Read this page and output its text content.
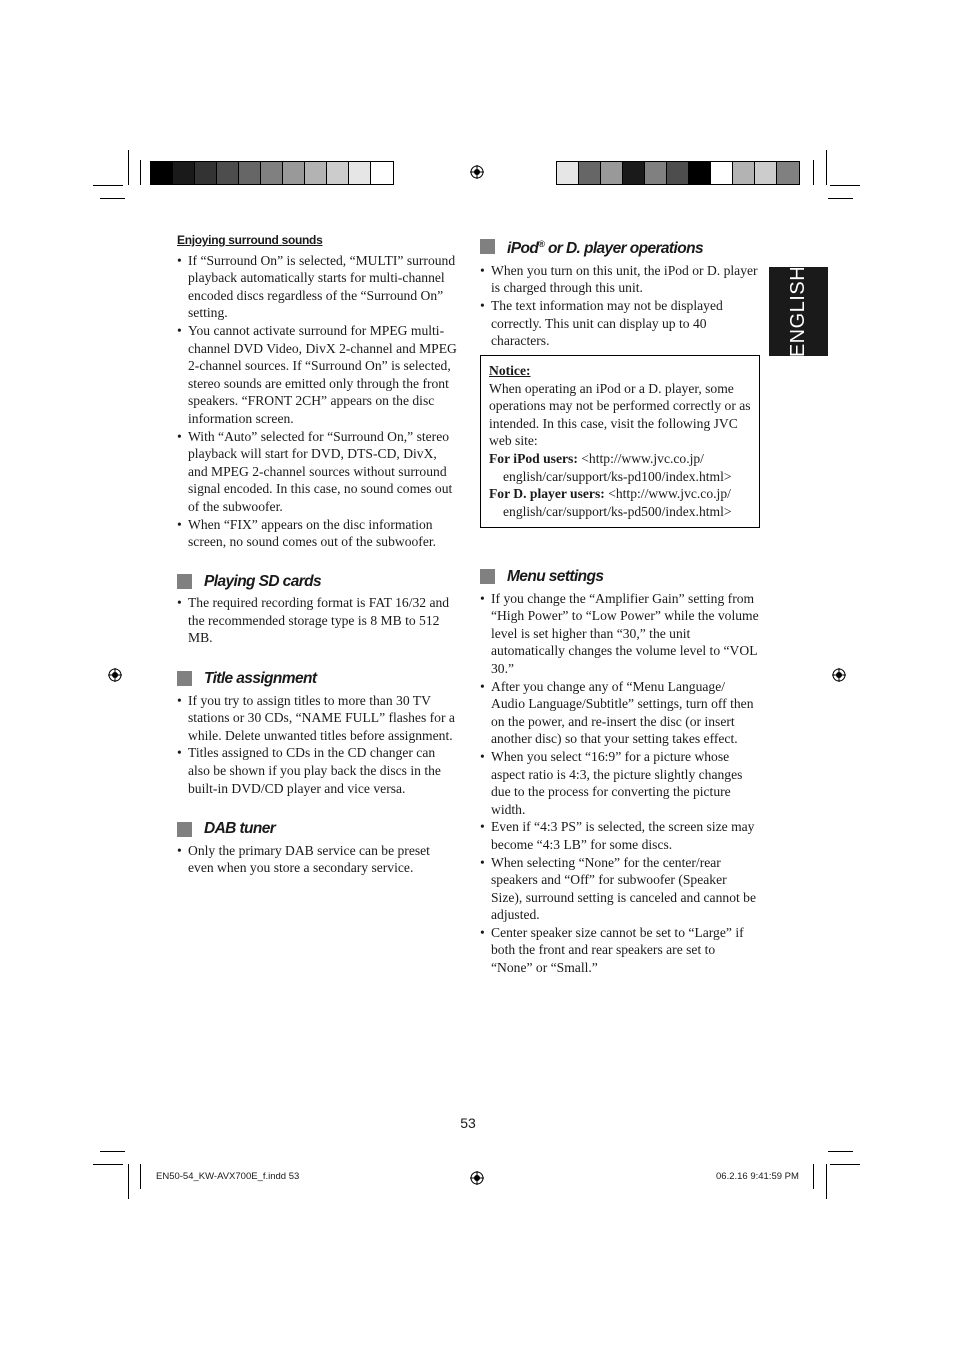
ENGLISH
Enjoying surround sounds
• If “Surround On” is selected, “MULTI” surround playback automatically starts for multi-channel encoded discs regardless of the “Surround On” setting.
• You cannot activate surround for MPEG multi-channel DVD Video, DivX 2-channel and MPEG 2-channel sources. If “Surround On” is selected, stereo sounds are emitted only through the front speakers. “FRONT 2CH” appears on the disc information screen.
• With “Auto” selected for “Surround On,” stereo playback will start for DVD, DTS-CD, DivX, and MPEG 2-channel sources without surround signal encoded. In this case, no sound comes out of the subwoofer.
• When “FIX” appears on the disc information screen, no sound comes out of the subwoofer.
Playing SD cards
• The required recording format is FAT 16/32 and the recommended storage type is 8 MB to 512 MB.
Title assignment
• If you try to assign titles to more than 30 TV stations or 30 CDs, “NAME FULL” flashes for a while. Delete unwanted titles before assignment.
• Titles assigned to CDs in the CD changer can also be shown if you play back the discs in the built-in DVD/CD player and vice versa.
DAB tuner
• Only the primary DAB service can be preset even when you store a secondary service.
iPod® or D. player operations
• When you turn on this unit, the iPod or D. player is charged through this unit.
• The text information may not be displayed correctly. This unit can display up to 40 characters.
Notice:
When operating an iPod or a D. player, some operations may not be performed correctly or as intended. In this case, visit the following JVC web site:
For iPod users: <http://www.jvc.co.jp/
english/car/support/ks-pd100/index.html>
For D. player users: <http://www.jvc.co.jp/
english/car/support/ks-pd500/index.html>
Menu settings
• If you change the “Amplifier Gain” setting from “High Power” to “Low Power” while the volume level is set higher than “30,” the unit automatically changes the volume level to “VOL 30.”
• After you change any of “Menu Language/ Audio Language/Subtitle” settings, turn off then on the power, and re-insert the disc (or insert another disc) so that your setting takes effect.
• When you select “16:9” for a picture whose aspect ratio is 4:3, the picture slightly changes due to the process for converting the picture width.
• Even if “4:3 PS” is selected, the screen size may become “4:3 LB” for some discs.
• When selecting “None” for the center/rear speakers and “Off” for subwoofer (Speaker Size), surround setting is canceled and cannot be adjusted.
• Center speaker size cannot be set to “Large” if both the front and rear speakers are set to “None” or “Small.”
53
EN50-54_KW-AVX700E_f.indd 53	06.2.16 9:41:59 PM
